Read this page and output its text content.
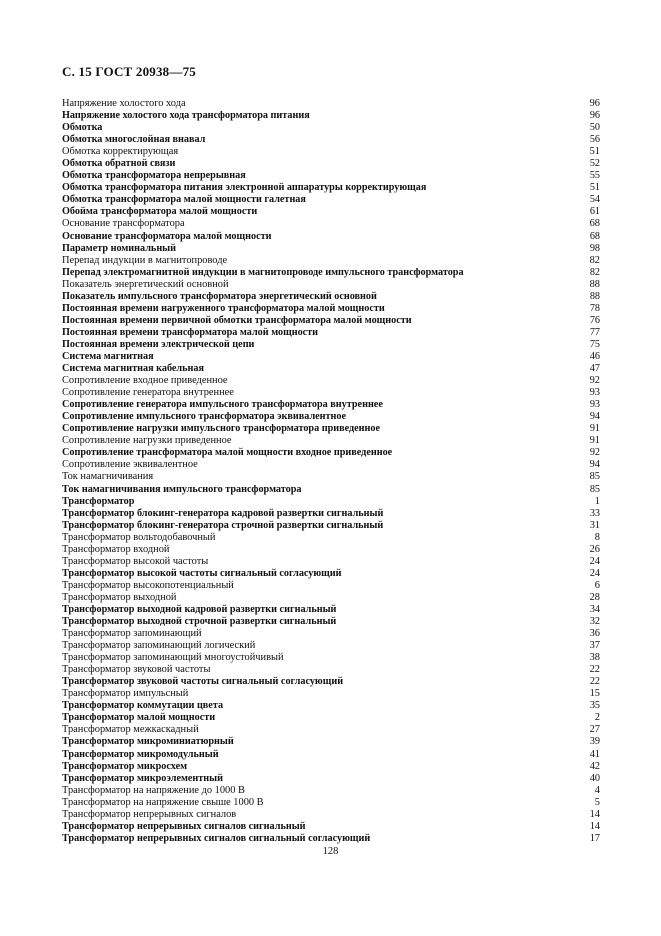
С. 15 ГОСТ 20938—75
Напряжение холостого хода	96
Напряжение холостого хода трансформатора питания	96
Обмотка	50
Обмотка многослойная внавал	56
Обмотка корректирующая	51
Обмотка обратной связи	52
Обмотка трансформатора непрерывная	55
Обмотка трансформатора питания электронной аппаратуры корректирующая	51
Обмотка трансформатора малой мощности галетная	54
Обойма трансформатора малой мощности	61
Основание трансформатора	68
Основание трансформатора малой мощности	68
Параметр номинальный	98
Перепад индукции в магнитопроводе	82
Перепад электромагнитной индукции в магнитопроводе импульсного трансформатора	82
Показатель энергетический основной	88
Показатель импульсного трансформатора энергетический основной	88
Постоянная времени нагруженного трансформатора малой мощности	78
Постоянная времени первичной обмотки трансформатора малой мощности	76
Постоянная времени трансформатора малой мощности	77
Постоянная времени электрической цепи	75
Система магнитная	46
Система магнитная кабельная	47
Сопротивление входное приведенное	92
Сопротивление генератора внутреннее	93
Сопротивление генератора импульсного трансформатора внутреннее	93
Сопротивление импульсного трансформатора эквивалентное	94
Сопротивление нагрузки импульсного трансформатора приведенное	91
Сопротивление нагрузки приведенное	91
Сопротивление трансформатора малой мощности входное приведенное	92
Сопротивление эквивалентное	94
Ток намагничивания	85
Ток намагничивания импульсного трансформатора	85
Трансформатор	1
Трансформатор блокинг-генератора кадровой развертки сигнальный	33
Трансформатор блокинг-генератора строчной развертки сигнальный	31
Трансформатор вольтодобавочный	8
Трансформатор входной	26
Трансформатор высокой частоты	24
Трансформатор высокой частоты сигнальный согласующий	24
Трансформатор высокопотенциальный	6
Трансформатор выходной	28
Трансформатор выходной кадровой развертки сигнальный	34
Трансформатор выходной строчной развертки сигнальный	32
Трансформатор запоминающий	36
Трансформатор запоминающий логический	37
Трансформатор запоминающий многоустойчивый	38
Трансформатор звуковой частоты	22
Трансформатор звуковой частоты сигнальный согласующий	22
Трансформатор импульсный	15
Трансформатор коммутации цвета	35
Трансформатор малой мощности	2
Трансформатор межкаскадный	27
Трансформатор микроминиатюрный	39
Трансформатор микромодульный	41
Трансформатор микросхем	42
Трансформатор микроэлементный	40
Трансформатор на напряжение до 1000 В	4
Трансформатор на напряжение свыше 1000 В	5
Трансформатор непрерывных сигналов	14
Трансформатор непрерывных сигналов сигнальный	14
Трансформатор непрерывных сигналов сигнальный согласующий	17
128
